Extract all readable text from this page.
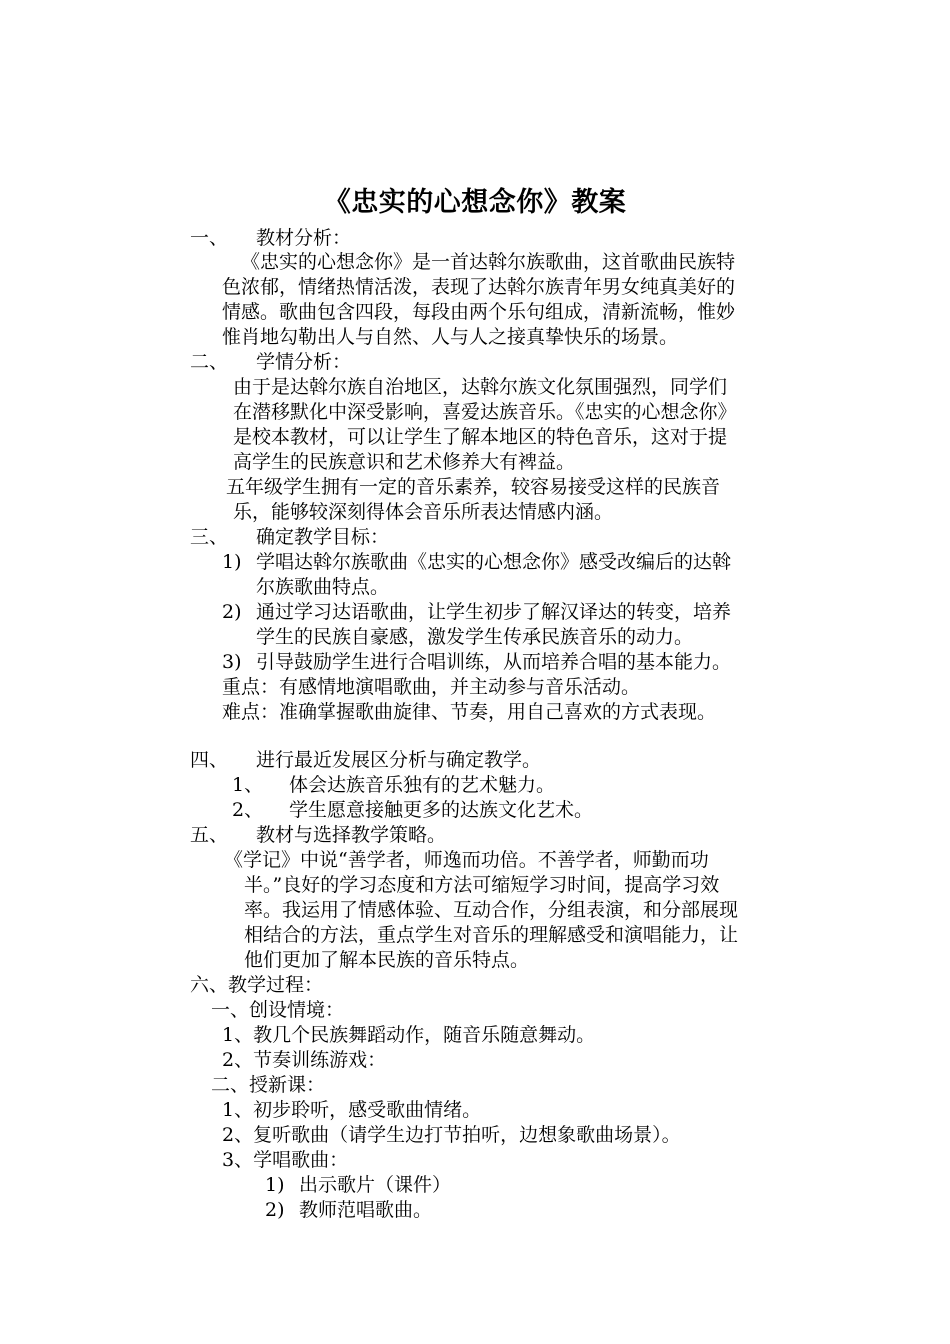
《忠实的心想念你》教案
一、 教材分析：
《忠实的心想念你》是一首达斡尔族歌曲，这首歌曲民族特
色浓郁，情绪热情活泼，表现了达斡尔族青年男女纯真美好的
情感。歌曲包含四段，每段由两个乐句组成，清新流畅，惟妙
惟肖地勾勒出人与自然、人与人之接真挚快乐的场景。
二、 学情分析：
由于是达斡尔族自治地区，达斡尔族文化氛围强烈，同学们
在潜移默化中深受影响，喜爱达族音乐。《忠实的心想念你》
是校本教材，可以让学生了解本地区的特色音乐，这对于提
高学生的民族意识和艺术修养大有裨益。
五年级学生拥有一定的音乐素养，较容易接受这样的民族音
乐，能够较深刻得体会音乐所表达情感内涵。
三、 确定教学目标：
1) 学唱达斡尔族歌曲《忠实的心想念你》感受改编后的达斡
尔族歌曲特点。
2) 通过学习达语歌曲，让学生初步了解汉译达的转变，培养
学生的民族自豪感，激发学生传承民族音乐的动力。
3) 引导鼓励学生进行合唱训练，从而培养合唱的基本能力。
重点：有感情地演唱歌曲，并主动参与音乐活动。
难点：准确掌握歌曲旋律、节奏，用自己喜欢的方式表现。
四、 进行最近发展区分析与确定教学。
1、 体会达族音乐独有的艺术魅力。
2、 学生愿意接触更多的达族文化艺术。
五、 教材与选择教学策略。
《学记》中说“善学者，师逸而功倍。不善学者，师勤而功
半。”良好的学习态度和方法可缩短学习时间，提高学习效
率。我运用了情感体验、互动合作，分组表演，和分部展现
相结合的方法，重点学生对音乐的理解感受和演唱能力，让
他们更加了解本民族的音乐特点。
六、教学过程：
一、创设情境：
1、教几个民族舞蹈动作，随音乐随意舞动。
2、节奏训练游戏：
二、授新课：
1、初步聆听，感受歌曲情绪。
2、复听歌曲（请学生边打节拍听，边想象歌曲场景）。
3、学唱歌曲：
1) 出示歌片（课件）
2) 教师范唱歌曲。
